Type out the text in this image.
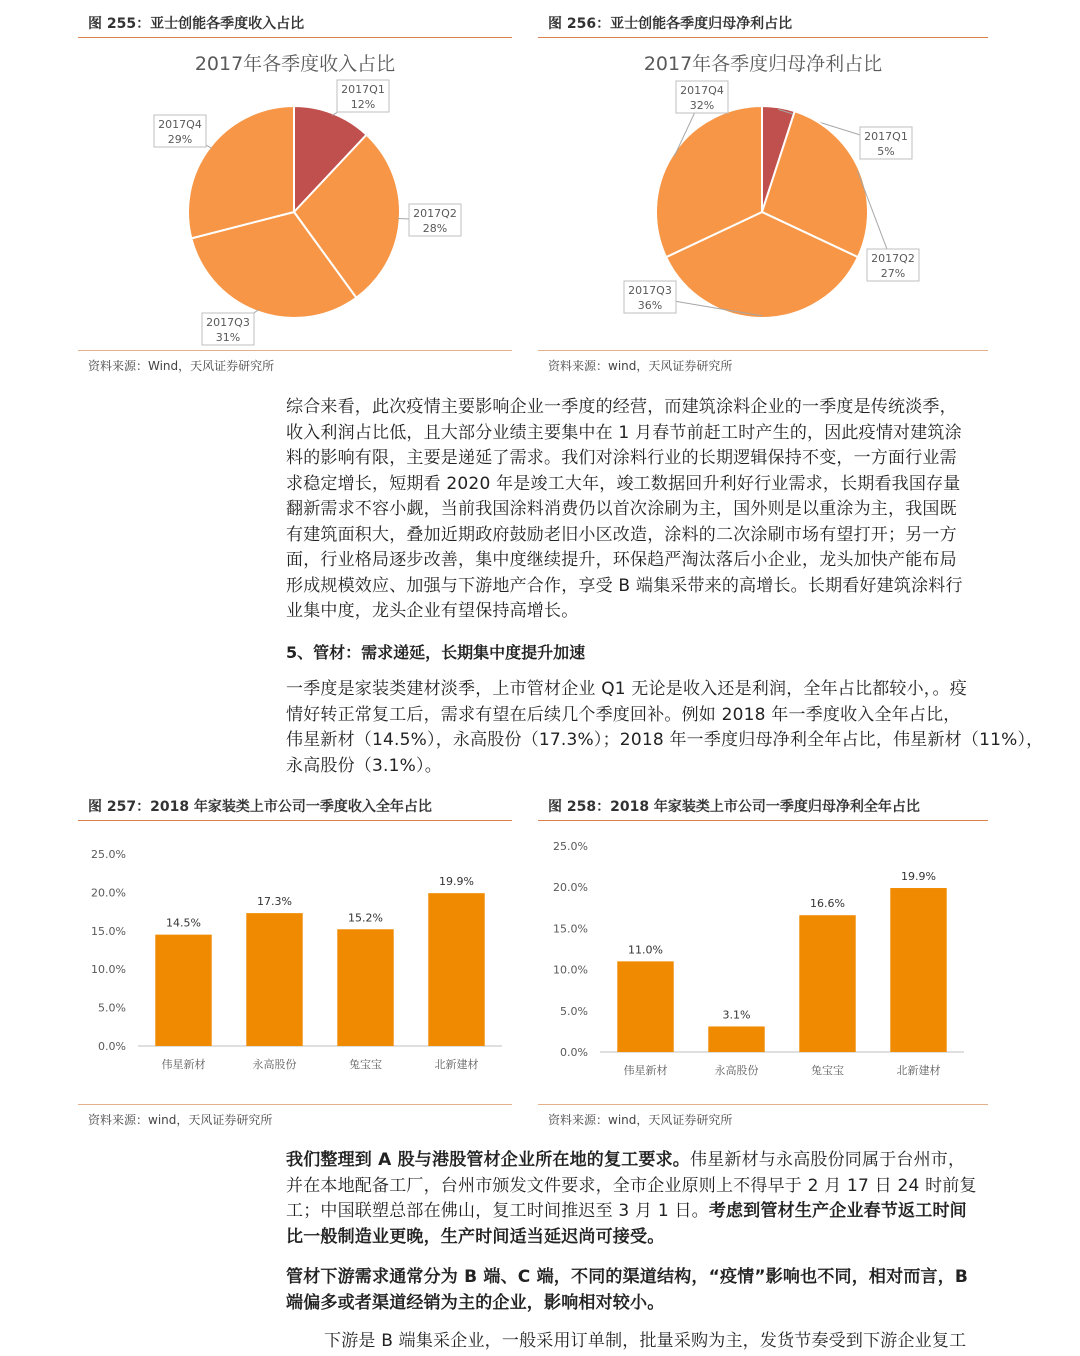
图 255：亚士创能各季度收入占比
2017年各季度收入占比
2017Q1
12%
2017Q2
28%
2017Q3
31%
2017Q4
29%
资料来源：Wind，天风证券研究所
图 256：亚士创能各季度归母净利占比
2017年各季度归母净利占比
2017Q1
5%
2017Q2
27%
2017Q3
36%
2017Q4
32%
资料来源：wind，天风证券研究所
综合来看，此次疫情主要影响企业一季度的经营，而建筑涂料企业的一季度是传统淡季，
收入利润占比低，且大部分业绩主要集中在 1 月春节前赶工时产生的，因此疫情对建筑涂
料的影响有限，主要是递延了需求。我们对涂料行业的长期逻辑保持不变，一方面行业需
求稳定增长，短期看 2020 年是竣工大年，竣工数据回升利好行业需求，长期看我国存量
翻新需求不容小觑，当前我国涂料消费仍以首次涂刷为主，国外则是以重涂为主，我国既
有建筑面积大，叠加近期政府鼓励老旧小区改造，涂料的二次涂刷市场有望打开；另一方
面，行业格局逐步改善，集中度继续提升，环保趋严淘汰落后小企业，龙头加快产能布局
形成规模效应、加强与下游地产合作，享受 B 端集采带来的高增长。长期看好建筑涂料行
业集中度，龙头企业有望保持高增长。
5、管材：需求递延，长期集中度提升加速
一季度是家装类建材淡季，上市管材企业 Q1 无论是收入还是利润，全年占比都较小，。疫
情好转正常复工后，需求有望在后续几个季度回补。例如 2018 年一季度收入全年占比，
伟星新材（14.5%），永高股份（17.3%）；2018 年一季度归母净利全年占比，伟星新材（11%），
永高股份（3.1%）。
图 257：2018 年家装类上市公司一季度收入全年占比
0.0%
5.0%
10.0%
15.0%
20.0%
25.0%
14.5%
伟星新材
17.3%
永高股份
15.2%
兔宝宝
19.9%
北新建材
资料来源：wind，天风证券研究所
图 258：2018 年家装类上市公司一季度归母净利全年占比
0.0%
5.0%
10.0%
15.0%
20.0%
25.0%
11.0%
伟星新材
3.1%
永高股份
16.6%
兔宝宝
19.9%
北新建材
资料来源：wind，天风证券研究所
我们整理到 A 股与港股管材企业所在地的复工要求。伟星新材与永高股份同属于台州市，
并在本地配备工厂，台州市颁发文件要求，全市企业原则上不得早于 2 月 17 日 24 时前复
工；中国联塑总部在佛山，复工时间推迟至 3 月 1 日。考虑到管材生产企业春节返工时间
比一般制造业更晚，生产时间适当延迟尚可接受。
管材下游需求通常分为 B 端、C 端，不同的渠道结构，“疫情”影响也不同，相对而言，B
端偏多或者渠道经销为主的企业，影响相对较小。
下游是 B 端集采企业，一般采用订单制，批量采购为主，发货节奏受到下游企业复工
